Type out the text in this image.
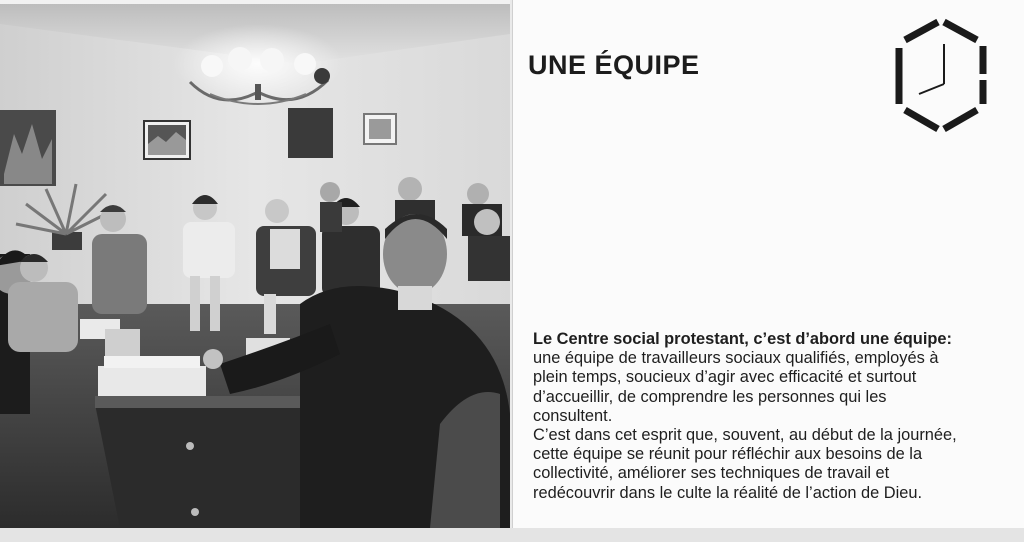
UNE ÉQUIPE

Le Centre social protestant, c’est d’abord une équipe:

une équipe de travailleurs sociaux qualifiés, employés à
plein temps, soucieux d’agir avec efficacité et surtout
d’accueillir, de comprendre les personnes qui les
consultent.

C’est dans cet esprit que, souvent, au début de la journée,
cette équipe se réunit pour réfléchir aux besoins de la
collectivité, améliorer ses techniques de travail et
redécouvrir dans le culte la réalité de l’action de Dieu.
